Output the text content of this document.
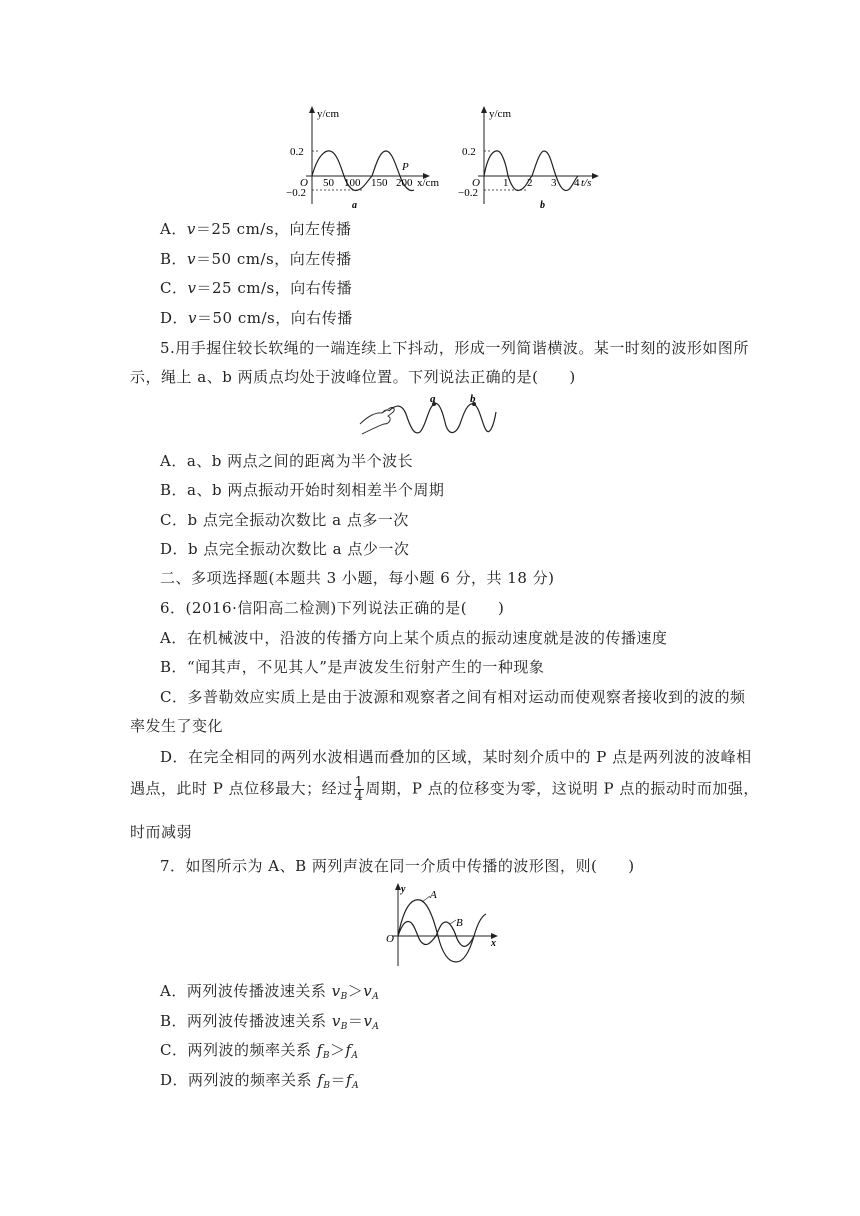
y/cm
0.2
O
−0.2
50 100 150 200
P
x/cm
a
y/cm
0.2
O
−0.2
1 2 3 4 t/s
b
A．v＝25 cm/s，向左传播
B．v＝50 cm/s，向左传播
C．v＝25 cm/s，向右传播
D．v＝50 cm/s，向右传播
5.用手握住较长软绳的一端连续上下抖动，形成一列简谐横波。某一时刻的波形如图所
示，绳上 a、b 两质点均处于波峰位置。下列说法正确的是(　　)
a	b
A．a、b 两点之间的距离为半个波长
B．a、b 两点振动开始时刻相差半个周期
C．b 点完全振动次数比 a 点多一次
D．b 点完全振动次数比 a 点少一次
二、多项选择题(本题共 3 小题，每小题 6 分，共 18 分)
6．(2016·信阳高二检测)下列说法正确的是(　　)
A．在机械波中，沿波的传播方向上某个质点的振动速度就是波的传播速度
B．“闻其声，不见其人”是声波发生衍射产生的一种现象
C．多普勒效应实质上是由于波源和观察者之间有相对运动而使观察者接收到的波的频
率发生了变化
D．在完全相同的两列水波相遇而叠加的区域，某时刻介质中的 P 点是两列波的波峰相
遇点，此时 P 点位移最大；经过 $\frac{1}{4}$ 周期，P 点的位移变为零，这说明 P 点的振动时而加强，
时而减弱
7．如图所示为 A、B 两列声波在同一介质中传播的波形图，则(　　)
y
O
A
B
x
A．两列波传播波速关系 $v_B>v_A$
B．两列波传播波速关系 $v_B=v_A$
C．两列波的频率关系 $f_B>f_A$
D．两列波的频率关系 $f_B=f_A$
